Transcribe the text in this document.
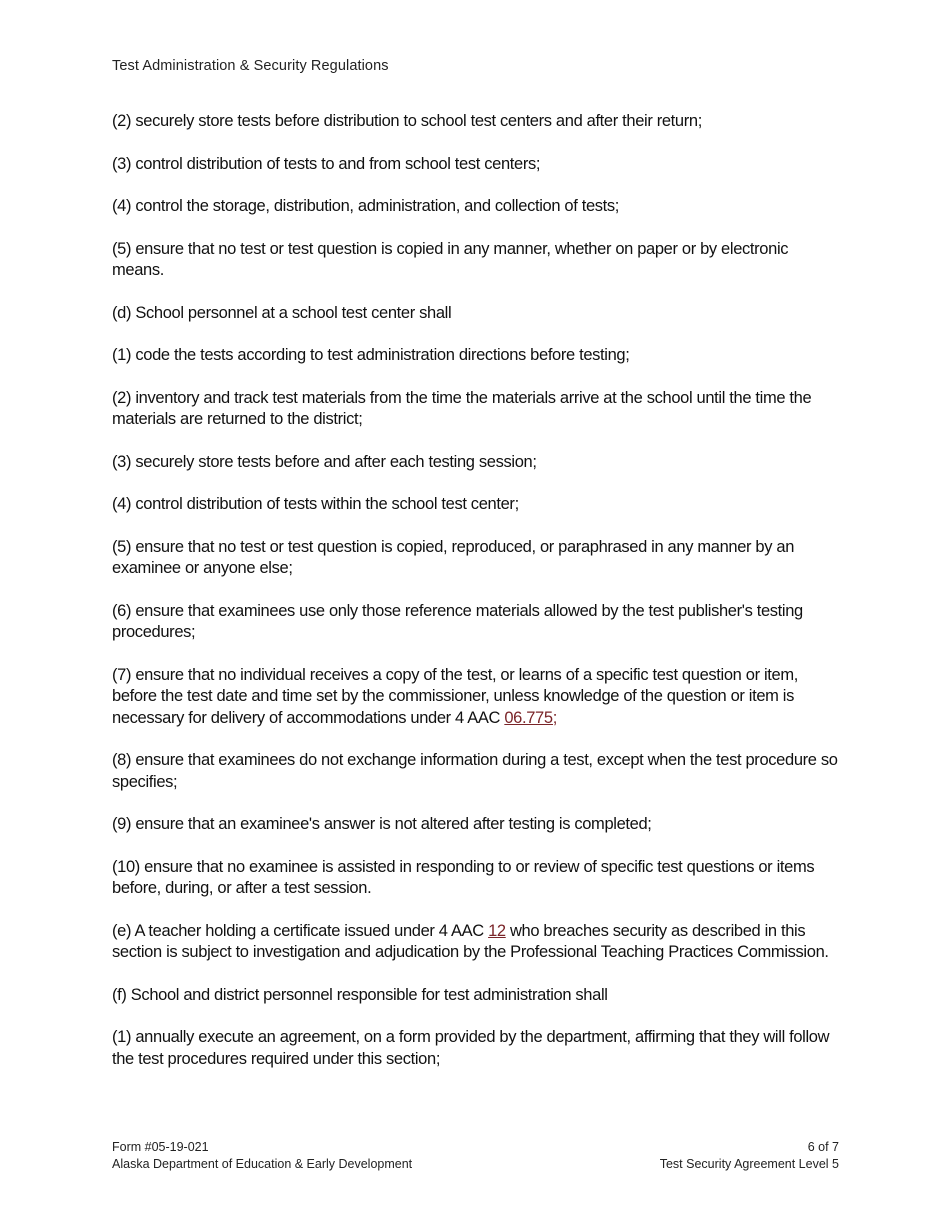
Test Administration & Security Regulations

(2) securely store tests before distribution to school test centers and after their return;

(3) control distribution of tests to and from school test centers;

(4) control the storage, distribution, administration, and collection of tests;

(5) ensure that no test or test question is copied in any manner, whether on paper or by electronic means.

(d) School personnel at a school test center shall

(1) code the tests according to test administration directions before testing;

(2) inventory and track test materials from the time the materials arrive at the school until the time the materials are returned to the district;

(3) securely store tests before and after each testing session;

(4) control distribution of tests within the school test center;

(5) ensure that no test or test question is copied, reproduced, or paraphrased in any manner by an examinee or anyone else;

(6) ensure that examinees use only those reference materials allowed by the test publisher's testing procedures;

(7) ensure that no individual receives a copy of the test, or learns of a specific test question or item, before the test date and time set by the commissioner, unless knowledge of the question or item is necessary for delivery of accommodations under 4 AAC 06.775;

(8) ensure that examinees do not exchange information during a test, except when the test procedure so specifies;

(9) ensure that an examinee's answer is not altered after testing is completed;

(10) ensure that no examinee is assisted in responding to or review of specific test questions or items before, during, or after a test session.

(e) A teacher holding a certificate issued under 4 AAC 12 who breaches security as described in this section is subject to investigation and adjudication by the Professional Teaching Practices Commission.

(f) School and district personnel responsible for test administration shall

(1) annually execute an agreement, on a form provided by the department, affirming that they will follow the test procedures required under this section;

Form #05-19-021
Alaska Department of Education & Early Development
6 of 7
Test Security Agreement Level 5
